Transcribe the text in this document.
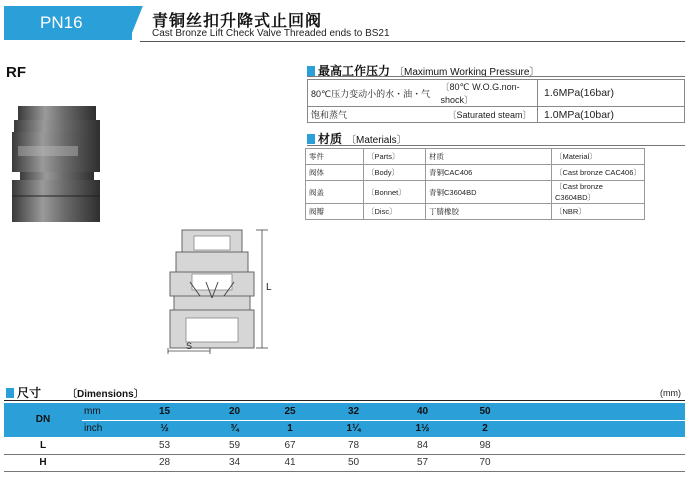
PN16	青铜丝扣升降式止回阀
Cast Bronze Lift Check Valve Threaded ends to BS21
RF
L
S
最高工作压力 〔Maximum Working Pressure〕
80℃压力变动小的水・油・气	〔80℃ W.O.G.non-shock〕	1.6MPa(16bar)
饱和蒸气	〔Saturated steam〕	1.0MPa(10bar)
材质 〔Materials〕
零件	〔Parts〕	材质	〔Material〕
阀体	〔Body〕	青铜CAC406	〔Cast bronze CAC406〕
阀盖	〔Bonnet〕	青铜C3604BD	〔Cast bronze C3604BD〕
阀瓣	〔Disc〕	丁腈橡胶	〔NBR〕
尺寸	〔Dimensions〕	(mm)
DN	mm	15	20	25	32	40	50	
	inch	½	¾	1	1¼	1½	2	
L		53	59	67	78	84	98	
H		28	34	41	50	57	70	
